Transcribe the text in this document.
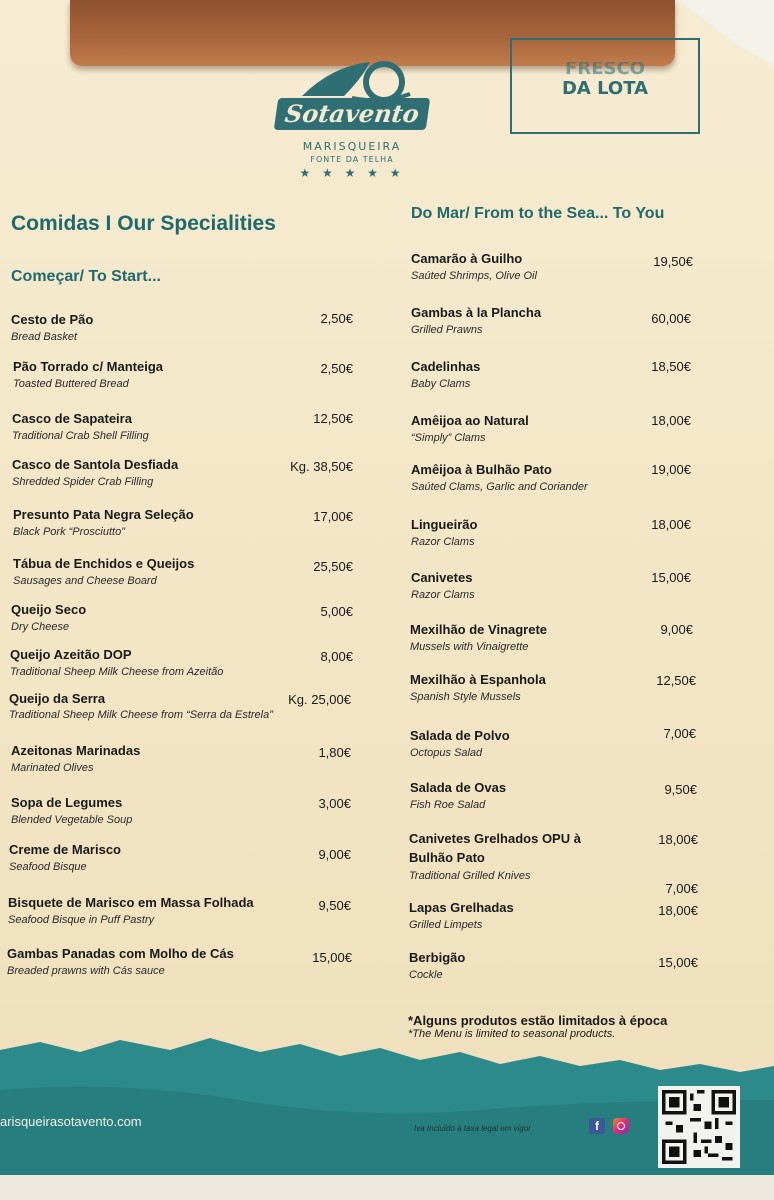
Sotavento
MARISQUEIRA
FONTE DA TELHA
★ ★ ★ ★ ★
FRESCO
DA LOTA
Comidas I Our Specialities
Começar/ To Start...
Do Mar/ From to the Sea... To You
Cesto de Pão
Bread Basket
2,50€
Pão Torrado c/ Manteiga
Toasted Buttered Bread
2,50€
Casco de Sapateira
Traditional Crab Shell Filling
12,50€
Casco de Santola Desfiada
Shredded Spider Crab Filling
Kg. 38,50€
Presunto Pata Negra Seleção
Black Pork “Prosciutto”
17,00€
Tábua de Enchidos e Queijos
Sausages and Cheese Board
25,50€
Queijo Seco
Dry Cheese
5,00€
Queijo Azeitão DOP
Traditional Sheep Milk Cheese from Azeitão
8,00€
Queijo da Serra
Traditional Sheep Milk Cheese from “Serra da Estrela”
Kg. 25,00€
Azeitonas Marinadas
Marinated Olives
1,80€
Sopa de Legumes
Blended Vegetable Soup
3,00€
Creme de Marisco
Seafood Bisque
9,00€
Bisquete de Marisco em Massa Folhada
Seafood Bisque in Puff Pastry
9,50€
Gambas Panadas com Molho de Cás
Breaded prawns with Cás sauce
15,00€
Camarão à Guilho
Saúted Shrimps, Olive Oil
19,50€
Gambas à la Plancha
Grilled Prawns
60,00€
Cadelinhas
Baby Clams
18,50€
Amêijoa ao Natural
“Simply” Clams
18,00€
Amêijoa à Bulhão Pato
Saúted Clams, Garlic and Coriander
19,00€
Lingueirão
Razor Clams
18,00€
Canivetes
Razor Clams
15,00€
Mexilhão de Vinagrete
Mussels with Vinaigrette
9,00€
Mexilhão à Espanhola
Spanish Style Mussels
12,50€
Salada de Polvo
Octopus Salad
7,00€
Salada de Ovas
Fish Roe Salad
9,50€
Canivetes Grelhados OPU à Bulhão Pato
Traditional Grilled Knives
18,00€
7,00€
Lapas Grelhadas
Grilled Limpets
18,00€
Berbigão
Cockle
15,00€
*Alguns produtos estão limitados à época
*The Menu is limited to seasonal products.
arisqueirasotavento.com	Iva Incluído à taxa legal em vigor	f
